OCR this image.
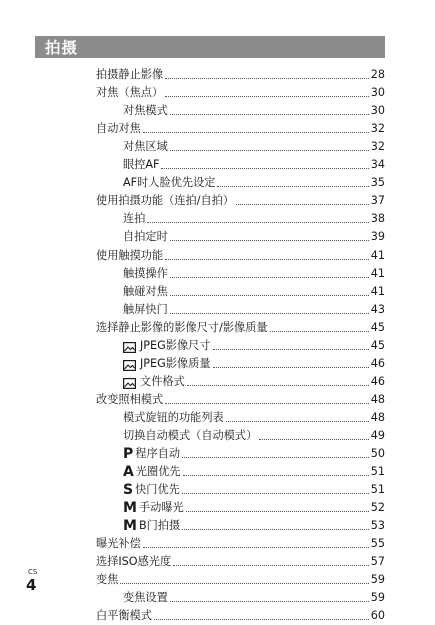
拍摄
拍摄静止影像	28
对焦（焦点）	30
对焦模式	30
自动对焦	32
对焦区域	32
眼控AF	34
AF时人脸优先设定	35
使用拍摄功能（连拍/自拍）	37
连拍	38
自拍定时	39
使用触摸功能	41
触摸操作	41
触碰对焦	41
触屏快门	43
选择静止影像的影像尺寸/影像质量	45
JPEG影像尺寸	45
JPEG影像质量	46
文件格式	46
改变照相模式	48
模式旋钮的功能列表	48
切换自动模式（自动模式）	49
P 程序自动	50
A 光圈优先	51
S 快门优先	51
M 手动曝光	52
M B门拍摄	53
曝光补偿	55
选择ISO感光度	57
变焦	59
变焦设置	59
白平衡模式	60
CS
4
